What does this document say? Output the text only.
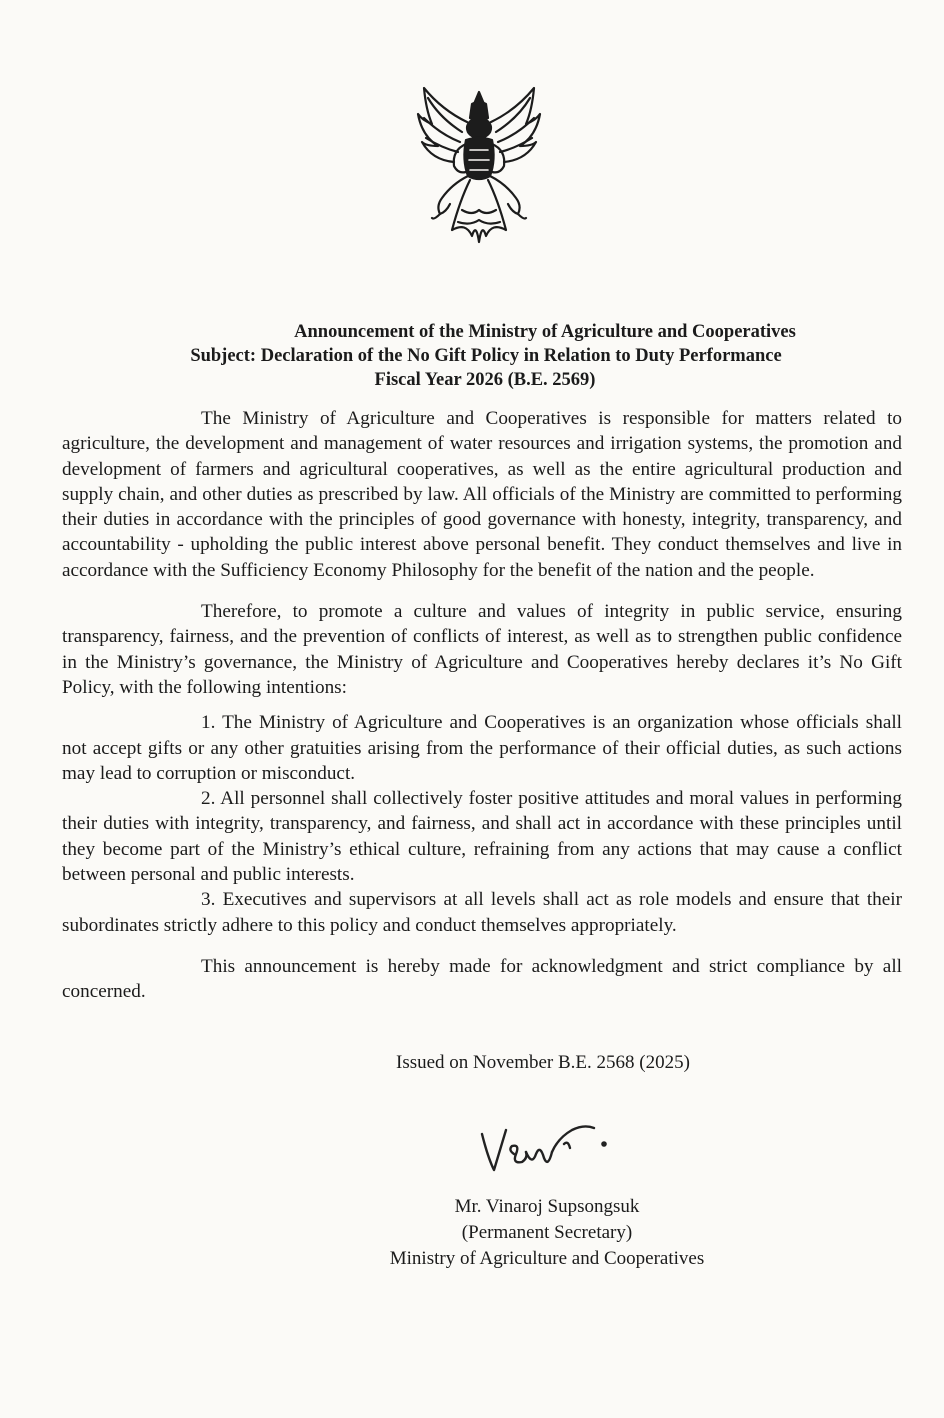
Announcement of the Ministry of Agriculture and Cooperatives
Subject: Declaration of the No Gift Policy in Relation to Duty Performance
Fiscal Year 2026 (B.E. 2569)

The Ministry of Agriculture and Cooperatives is responsible for matters related to agriculture, the development and management of water resources and irrigation systems, the promotion and development of farmers and agricultural cooperatives, as well as the entire agricultural production and supply chain, and other duties as prescribed by law. All officials of the Ministry are committed to performing their duties in accordance with the principles of good governance with honesty, integrity, transparency, and accountability - upholding the public interest above personal benefit. They conduct themselves and live in accordance with the Sufficiency Economy Philosophy for the benefit of the nation and the people.

Therefore, to promote a culture and values of integrity in public service, ensuring transparency, fairness, and the prevention of conflicts of interest, as well as to strengthen public confidence in the Ministry’s governance, the Ministry of Agriculture and Cooperatives hereby declares it’s No Gift Policy, with the following intentions:

1. The Ministry of Agriculture and Cooperatives is an organization whose officials shall not accept gifts or any other gratuities arising from the performance of their official duties, as such actions may lead to corruption or misconduct.

2. All personnel shall collectively foster positive attitudes and moral values in performing their duties with integrity, transparency, and fairness, and shall act in accordance with these principles until they become part of the Ministry’s ethical culture, refraining from any actions that may cause a conflict between personal and public interests.

3. Executives and supervisors at all levels shall act as role models and ensure that their subordinates strictly adhere to this policy and conduct themselves appropriately.

This announcement is hereby made for acknowledgment and strict compliance by all concerned.

Issued on November B.E. 2568 (2025)
Mr. Vinaroj Supsongsuk
(Permanent Secretary)
Ministry of Agriculture and Cooperatives
